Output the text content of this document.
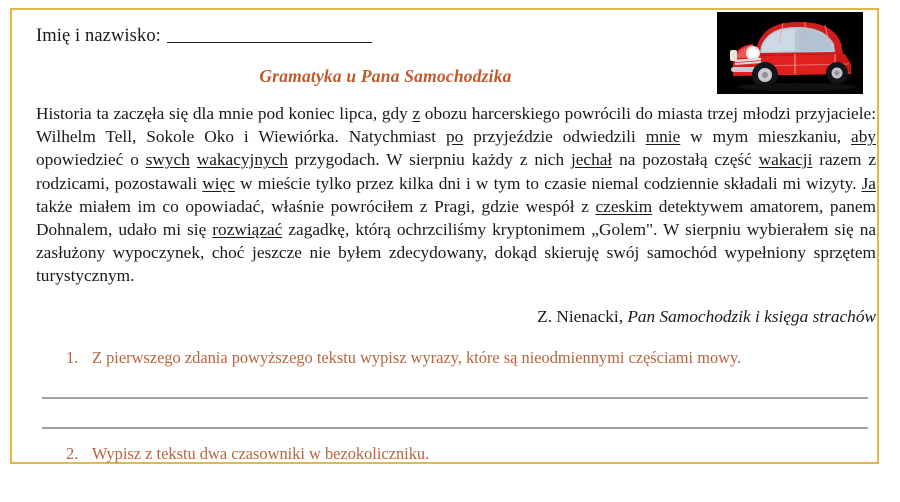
Imię i nazwisko:
Gramatyka u Pana Samochodzika
Historia ta zaczęła się dla mnie pod koniec lipca, gdy z obozu harcerskiego powrócili do miasta trzej młodzi przyjaciele: Wilhelm Tell, Sokole Oko i Wiewiórka. Natychmiast po przyjeździe odwiedzili mnie w mym mieszkaniu, aby opowiedzieć o swych wakacyjnych przygodach. W sierpniu każdy z nich jechał na pozostałą część wakacji razem z rodzicami, pozostawali więc w mieście tylko przez kilka dni i w tym to czasie niemal codziennie składali mi wizyty. Ja także miałem im co opowiadać, właśnie powróciłem z Pragi, gdzie wespół z czeskim detektywem amatorem, panem Dohnalem, udało mi się rozwiązać zagadkę, którą ochrzciliśmy kryptonimem „Golem". W sierpniu wybierałem się na zasłużony wypoczynek, choć jeszcze nie byłem zdecydowany, dokąd skieruję swój samochód wypełniony sprzętem turystycznym.
Z. Nienacki, Pan Samochodzik i księga strachów
1. Z pierwszego zdania powyższego tekstu wypisz wyrazy, które są nieodmiennymi częściami mowy.
2. Wypisz z tekstu dwa czasowniki w bezokoliczniku.
